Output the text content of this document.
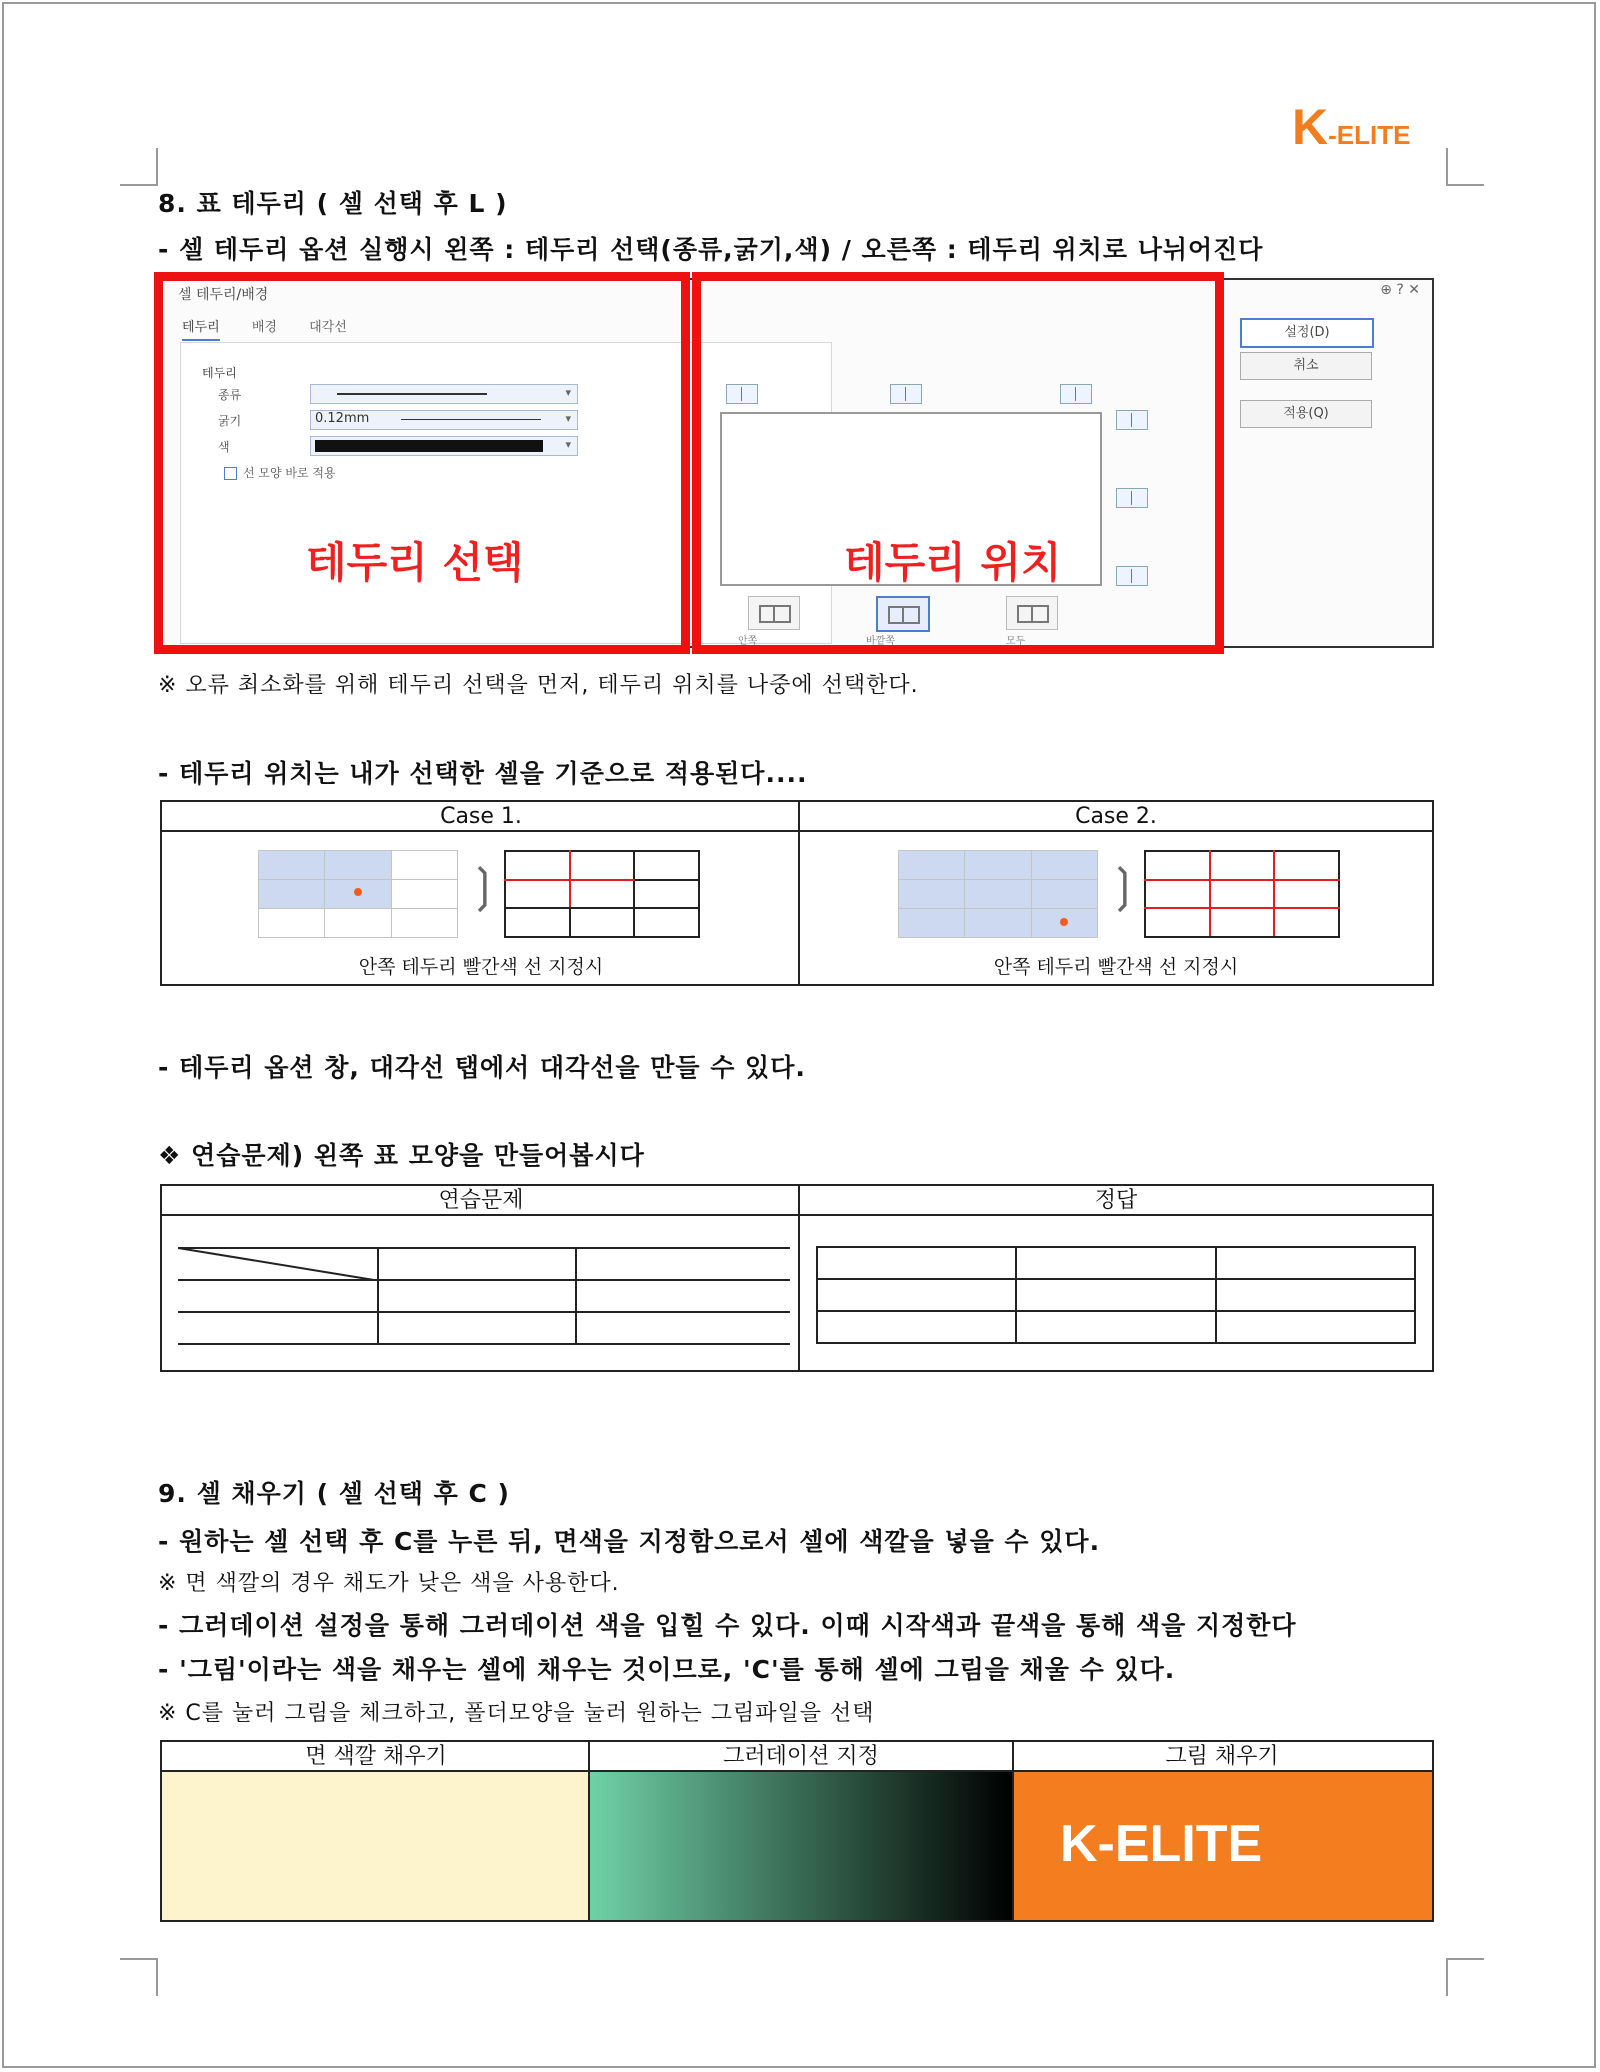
K-ELITE
8. 표 테두리 ( 셀 선택 후 L )
- 셀 테두리 옵션 실행시 왼쪽 : 테두리 선택(종류,굵기,색) / 오른쪽 : 테두리 위치로 나뉘어진다
셀 테두리/배경	⊕ ? ✕
테두리 배경 대각선
테두리
종류	▾
굵기	0.12mm	▾
색	▾
선 모양 바로 적용
안쪽	바깥쪽	모두
설정(D)
취소
적용(Q)
테두리 선택	테두리 위치
※ 오류 최소화를 위해 테두리 선택을 먼저, 테두리 위치를 나중에 선택한다.
- 테두리 위치는 내가 선택한 셀을 기준으로 적용된다....
Case 1.	Case 2.

❳

안쪽 테두리 빨간색 선 지정시

❳

안쪽 테두리 빨간색 선 지정시
- 테두리 옵션 창, 대각선 탭에서 대각선을 만들 수 있다.
❖ 연습문제) 왼쪽 표 모양을 만들어봅시다
연습문제	정답

9. 셀 채우기 ( 셀 선택 후 C )
- 원하는 셀 선택 후 C를 누른 뒤, 면색을 지정함으로서 셀에 색깔을 넣을 수 있다.
※ 면 색깔의 경우 채도가 낮은 색을 사용한다.
- 그러데이션 설정을 통해 그러데이션 색을 입힐 수 있다. 이때 시작색과 끝색을 통해 색을 지정한다
- '그림'이라는 색을 채우는 셀에 채우는 것이므로, 'C'를 통해 셀에 그림을 채울 수 있다.
※ C를 눌러 그림을 체크하고, 폴더모양을 눌러 원하는 그림파일을 선택
면 색깔 채우기	그러데이션 지정	그림 채우기
K-ELITE
